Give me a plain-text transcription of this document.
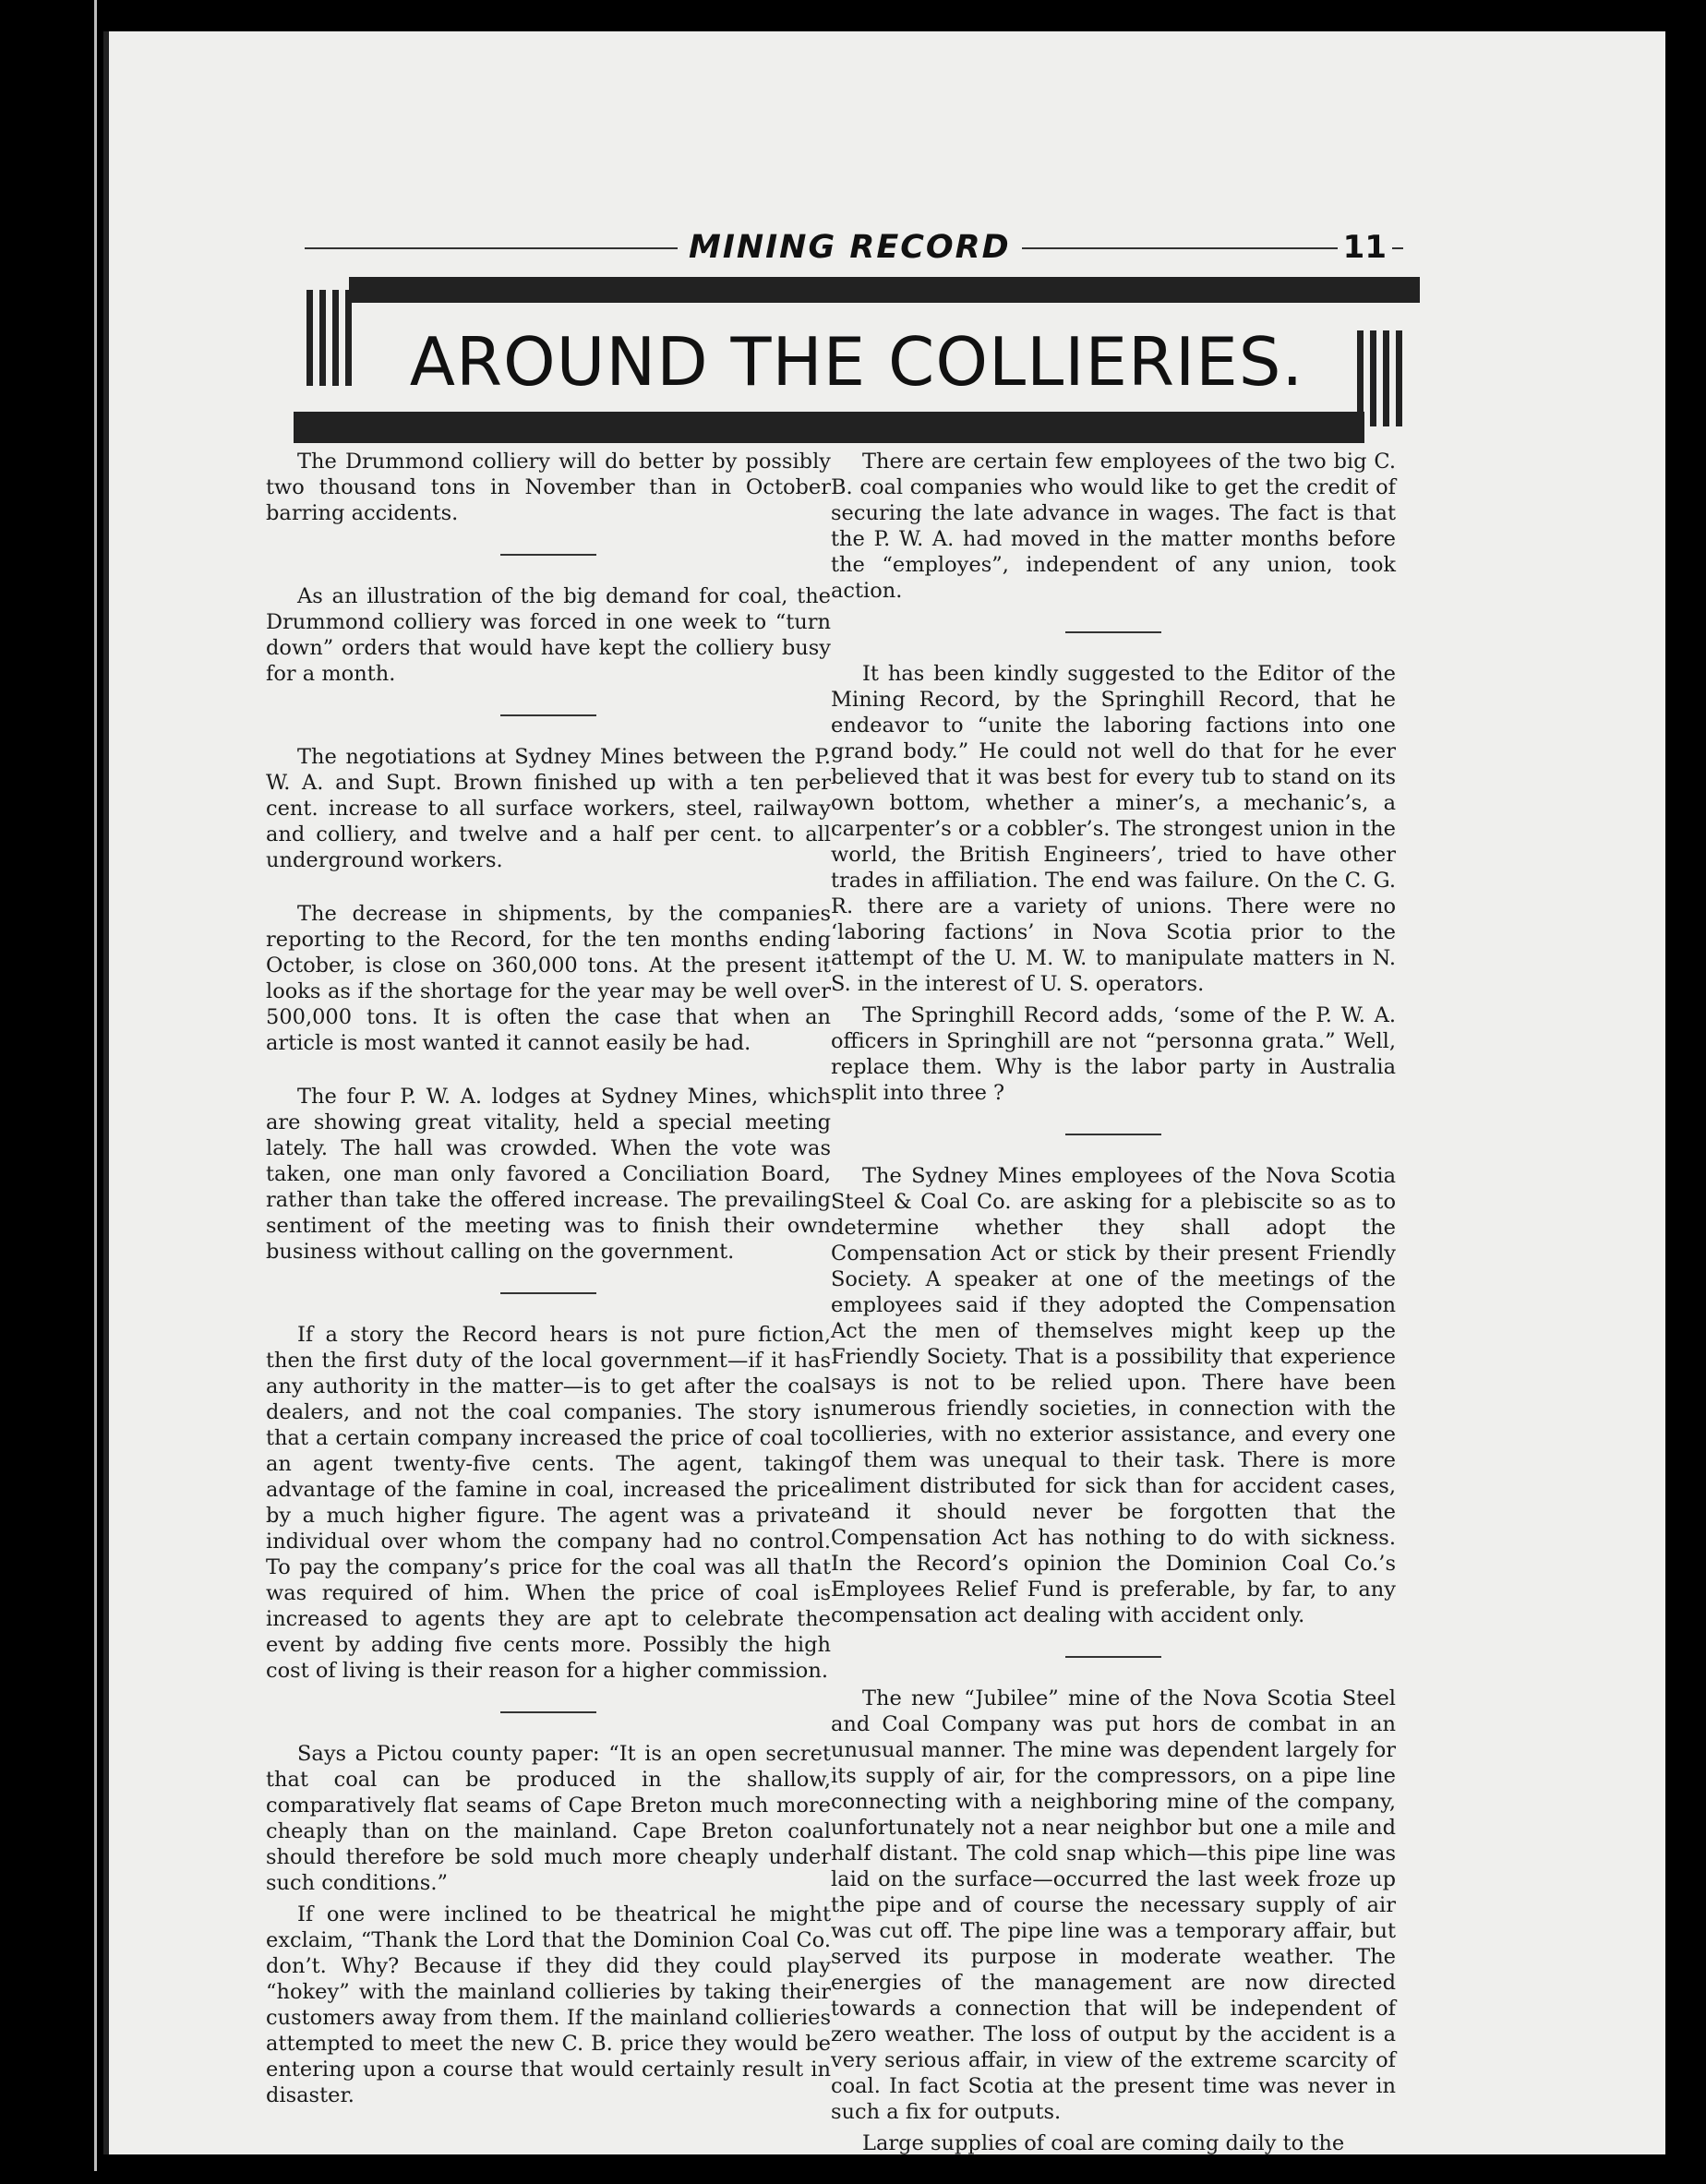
MINING RECORD	11
AROUND THE COLLIERIES.

The Drummond colliery will do better by possibly two thousand tons in November than in October barring accidents.

As an illustration of the big demand for coal, the Drummond colliery was forced in one week to “turn down” orders that would have kept the colliery busy for a month.

The negotiations at Sydney Mines between the P. W. A. and Supt. Brown finished up with a ten per cent. increase to all surface workers, steel, railway and colliery, and twelve and a half per cent. to all underground workers.

The decrease in shipments, by the companies reporting to the Record, for the ten months ending October, is close on 360,000 tons. At the present it looks as if the shortage for the year may be well over 500,000 tons. It is often the case that when an article is most wanted it cannot easily be had.

The four P. W. A. lodges at Sydney Mines, which are showing great vitality, held a special meeting lately. The hall was crowded. When the vote was taken, one man only favored a Conciliation Board, rather than take the offered increase. The prevailing sentiment of the meeting was to finish their own business without calling on the government.

If a story the Record hears is not pure fiction, then the first duty of the local government—if it has any authority in the matter—is to get after the coal dealers, and not the coal companies. The story is that a certain company increased the price of coal to an agent twenty-five cents. The agent, taking advantage of the famine in coal, increased the price by a much higher figure. The agent was a private individual over whom the company had no control. To pay the company’s price for the coal was all that was required of him. When the price of coal is increased to agents they are apt to celebrate the event by adding five cents more. Possibly the high cost of living is their reason for a higher commission.

Says a Pictou county paper: “It is an open secret that coal can be produced in the shallow, comparatively flat seams of Cape Breton much more cheaply than on the mainland. Cape Breton coal should therefore be sold much more cheaply under such conditions.”

If one were inclined to be theatrical he might exclaim, “Thank the Lord that the Dominion Coal Co. don’t. Why? Because if they did they could play “hokey” with the mainland collieries by taking their customers away from them. If the mainland collieries attempted to meet the new C. B. price they would be entering upon a course that would certainly result in disaster.

There are certain few employees of the two big C. B. coal companies who would like to get the credit of securing the late advance in wages. The fact is that the P. W. A. had moved in the matter months before the “employes”, independent of any union, took action.

It has been kindly suggested to the Editor of the Mining Record, by the Springhill Record, that he endeavor to “unite the laboring factions into one grand body.” He could not well do that for he ever believed that it was best for every tub to stand on its own bottom, whether a miner’s, a mechanic’s, a carpenter’s or a cobbler’s. The strongest union in the world, the British Engineers’, tried to have other trades in affiliation. The end was failure. On the C. G. R. there are a variety of unions. There were no ‘laboring factions’ in Nova Scotia prior to the attempt of the U. M. W. to manipulate matters in N. S. in the interest of U. S. operators.

The Springhill Record adds, ‘some of the P. W. A. officers in Springhill are not “personna grata.” Well, replace them. Why is the labor party in Australia split into three ?

The Sydney Mines employees of the Nova Scotia Steel & Coal Co. are asking for a plebiscite so as to determine whether they shall adopt the Compensation Act or stick by their present Friendly Society. A speaker at one of the meetings of the employees said if they adopted the Compensation Act the men of themselves might keep up the Friendly Society. That is a possibility that experience says is not to be relied upon. There have been numerous friendly societies, in connection with the collieries, with no exterior assistance, and every one of them was unequal to their task. There is more aliment distributed for sick than for accident cases, and it should never be forgotten that the Compensation Act has nothing to do with sickness. In the Record’s opinion the Dominion Coal Co.’s Employees Relief Fund is preferable, by far, to any compensation act dealing with accident only.

The new “Jubilee” mine of the Nova Scotia Steel and Coal Company was put hors de combat in an unusual manner. The mine was dependent largely for its supply of air, for the compressors, on a pipe line connecting with a neighboring mine of the company, unfortunately not a near neighbor but one a mile and half distant. The cold snap which—this pipe line was laid on the surface—occurred the last week froze up the pipe and of course the necessary supply of air was cut off. The pipe line was a temporary affair, but served its purpose in moderate weather. The energies of the management are now directed towards a connection that will be independent of zero weather. The loss of output by the accident is a very serious affair, in view of the extreme scarcity of coal. In fact Scotia at the present time was never in such a fix for outputs.

Large supplies of coal are coming daily to the
